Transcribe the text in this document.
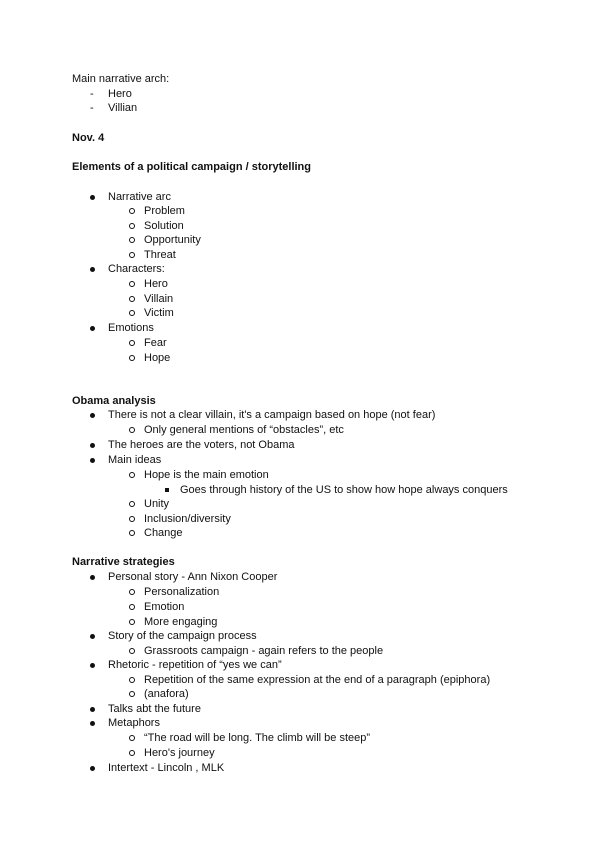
Main narrative arch:
- Hero
- Villian
Nov. 4
Elements of a political campaign / storytelling
Narrative arc
Problem
Solution
Opportunity
Threat
Characters:
Hero
Villain
Victim
Emotions
Fear
Hope
Obama analysis
There is not a clear villain, it's a campaign based on hope (not fear)
Only general mentions of “obstacles”, etc
The heroes are the voters, not Obama
Main ideas
Hope is the main emotion
Goes through history of the US to show how hope always conquers
Unity
Inclusion/diversity
Change
Narrative strategies
Personal story - Ann Nixon Cooper
Personalization
Emotion
More engaging
Story of the campaign process
Grassroots campaign - again refers to the people
Rhetoric - repetition of “yes we can”
Repetition of the same expression at the end of a paragraph (epiphora)
(anafora)
Talks abt the future
Metaphors
“The road will be long. The climb will be steep”
Hero's journey
Intertext - Lincoln , MLK
